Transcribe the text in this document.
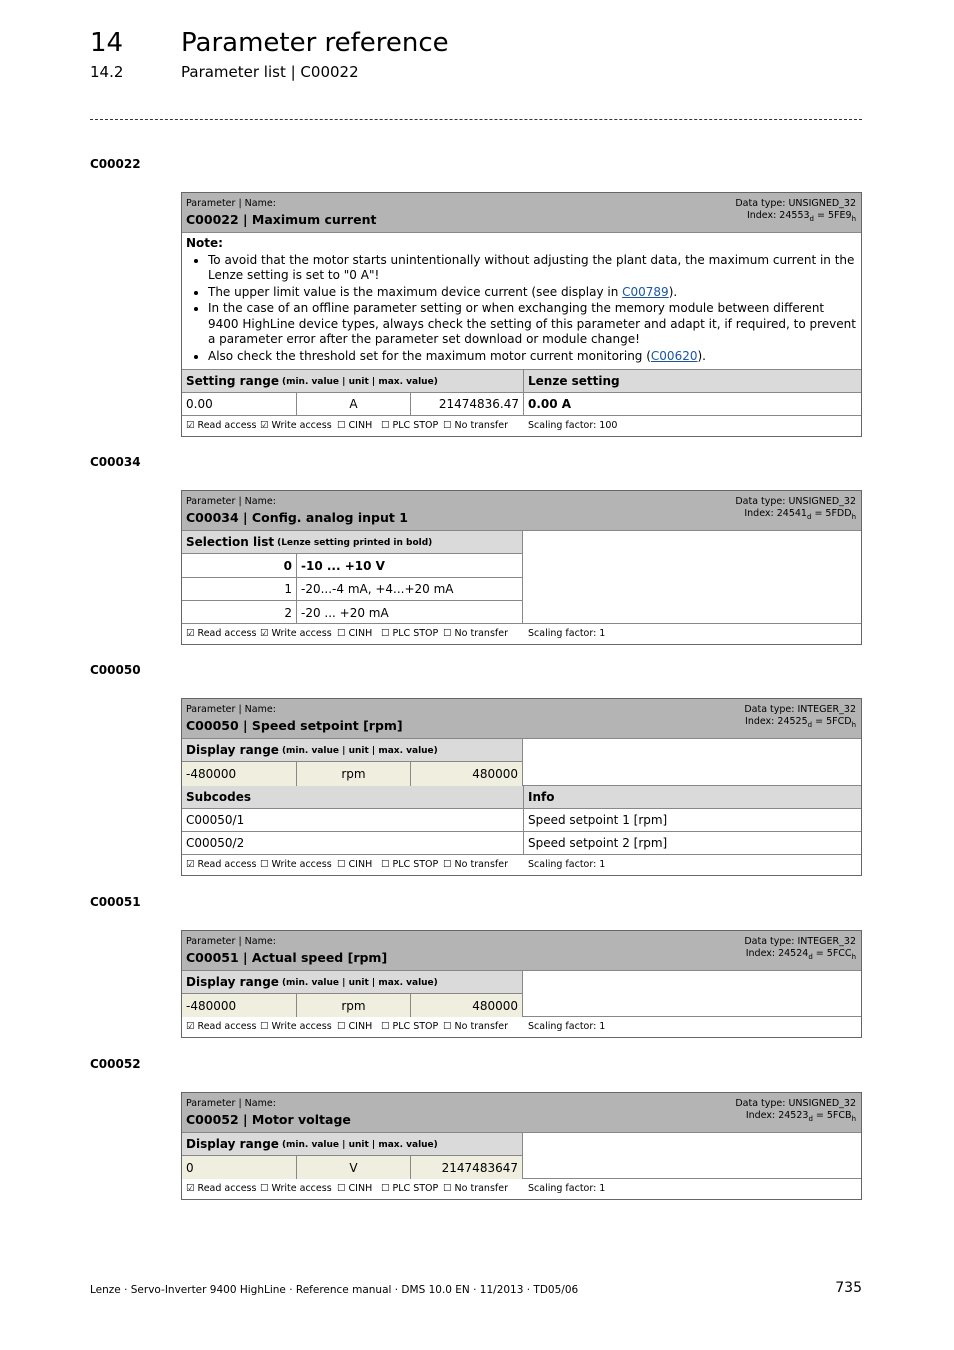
14 Parameter reference
14.2	Parameter list | C00022
C00022
Parameter | Name:
C00022 | Maximum current
Data type: UNSIGNED_32
Index: $24553_d = 5FE9_h$
Note:
• To avoid that the motor starts unintentionally without adjusting the plant data, the maximum current in the Lenze setting is set to "0 A"!
• The upper limit value is the maximum device current (see display in C00789).
• In the case of an offline parameter setting or when exchanging the memory module between different 9400 HighLine device types, always check the setting of this parameter and adapt it, if required, to prevent a parameter error after the parameter set download or module change!
• Also check the threshold set for the maximum motor current monitoring (C00620).
Setting range (min. value | unit | max. value)	Lenze setting
0.00	A	21474836.47 0.00 A
☑ Read access ☑ Write access ☐ CINH ☐ PLC STOP ☐ No transfer Scaling factor: 100
C00034
Parameter | Name:
C00034 | Config. analog input 1
Data type: UNSIGNED_32
Index: $24541_d = 5FDD_h$
Selection list (Lenze setting printed in bold)
0 -10 ... +10 V
1 -20...-4 mA, +4...+20 mA
2 -20 ... +20 mA
☑ Read access ☑ Write access ☐ CINH ☐ PLC STOP ☐ No transfer Scaling factor: 1
C00050
Parameter | Name:
C00050 | Speed setpoint [rpm]
Data type: INTEGER_32
Index: $24525_d = 5FCD_h$
Display range (min. value | unit | max. value)
-480000	rpm	480000
Subcodes	Info
C00050/1	Speed setpoint 1 [rpm]
C00050/2	Speed setpoint 2 [rpm]
☑ Read access ☐ Write access ☐ CINH ☐ PLC STOP ☐ No transfer Scaling factor: 1
C00051
Parameter | Name:
C00051 | Actual speed [rpm]
Data type: INTEGER_32
Index: $24524_d = 5FCC_h$
Display range (min. value | unit | max. value)
-480000	rpm	480000
☑ Read access ☐ Write access ☐ CINH ☐ PLC STOP ☐ No transfer Scaling factor: 1
C00052
Parameter | Name:
C00052 | Motor voltage
Data type: UNSIGNED_32
Index: $24523_d = 5FCB_h$
Display range (min. value | unit | max. value)
0	V	2147483647
☑ Read access ☐ Write access ☐ CINH ☐ PLC STOP ☐ No transfer Scaling factor: 1
Lenze · Servo-Inverter 9400 HighLine · Reference manual · DMS 10.0 EN · 11/2013 · TD05/06	735
